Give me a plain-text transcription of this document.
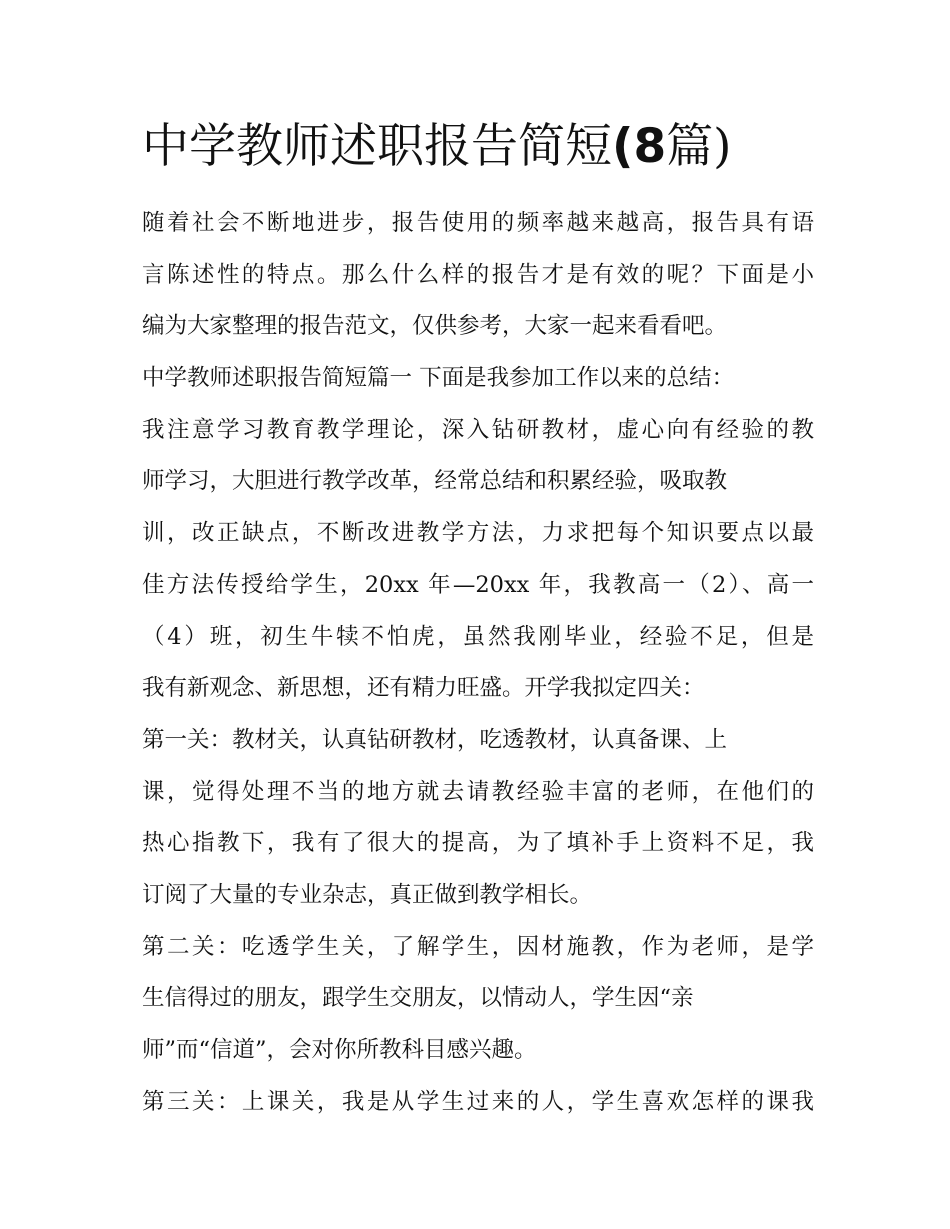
中学教师述职报告简短(8篇)

随着社会不断地进步，报告使用的频率越来越高，报告具有语

言陈述性的特点。那么什么样的报告才是有效的呢？下面是小

编为大家整理的报告范文，仅供参考，大家一起来看看吧。

中学教师述职报告简短篇一 下面是我参加工作以来的总结：

我注意学习教育教学理论，深入钻研教材，虚心向有经验的教

师学习，大胆进行教学改革，经常总结和积累经验，吸取教

训，改正缺点，不断改进教学方法，力求把每个知识要点以最

佳方法传授给学生，20xx 年—20xx 年，我教高一（2）、高一

（4）班，初生牛犊不怕虎，虽然我刚毕业，经验不足，但是

我有新观念、新思想，还有精力旺盛。开学我拟定四关：

第一关：教材关，认真钻研教材，吃透教材，认真备课、上

课，觉得处理不当的地方就去请教经验丰富的老师，在他们的

热心指教下，我有了很大的提高，为了填补手上资料不足，我

订阅了大量的专业杂志，真正做到教学相长。

第二关：吃透学生关，了解学生，因材施教，作为老师，是学

生信得过的朋友，跟学生交朋友，以情动人，学生因“亲

师”而“信道”，会对你所教科目感兴趣。

第三关：上课关，我是从学生过来的人，学生喜欢怎样的课我
